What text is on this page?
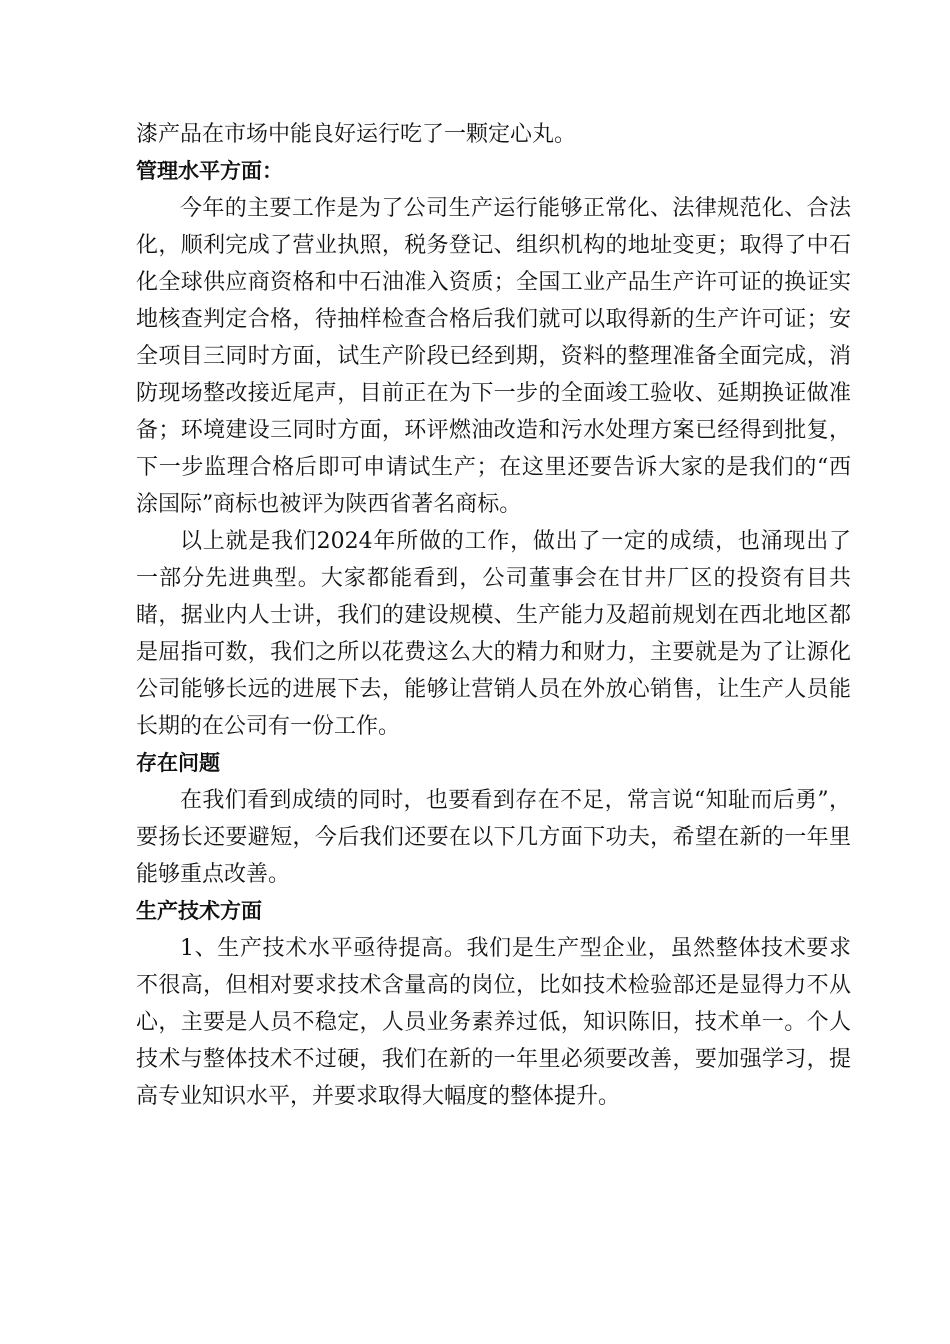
漆产品在市场中能良好运行吃了一颗定心丸。

管理水平方面：

今年的主要工作是为了公司生产运行能够正常化、法律规范化、合法化，顺利完成了营业执照，税务登记、组织机构的地址变更；取得了中石化全球供应商资格和中石油准入资质；全国工业产品生产许可证的换证实地核查判定合格，待抽样检查合格后我们就可以取得新的生产许可证；安全项目三同时方面，试生产阶段已经到期，资料的整理准备全面完成，消防现场整改接近尾声，目前正在为下一步的全面竣工验收、延期换证做准备；环境建设三同时方面，环评燃油改造和污水处理方案已经得到批复，下一步监理合格后即可申请试生产；在这里还要告诉大家的是我们的“西涂国际”商标也被评为陕西省著名商标。

以上就是我们2024年所做的工作，做出了一定的成绩，也涌现出了一部分先进典型。大家都能看到，公司董事会在甘井厂区的投资有目共睹，据业内人士讲，我们的建设规模、生产能力及超前规划在西北地区都是屈指可数，我们之所以花费这么大的精力和财力，主要就是为了让源化公司能够长远的进展下去，能够让营销人员在外放心销售，让生产人员能长期的在公司有一份工作。

存在问题

在我们看到成绩的同时，也要看到存在不足，常言说“知耻而后勇”，要扬长还要避短，今后我们还要在以下几方面下功夫，希望在新的一年里能够重点改善。

生产技术方面

1、生产技术水平亟待提高。我们是生产型企业，虽然整体技术要求不很高，但相对要求技术含量高的岗位，比如技术检验部还是显得力不从心，主要是人员不稳定，人员业务素养过低，知识陈旧，技术单一。个人技术与整体技术不过硬，我们在新的一年里必须要改善，要加强学习，提高专业知识水平，并要求取得大幅度的整体提升。
